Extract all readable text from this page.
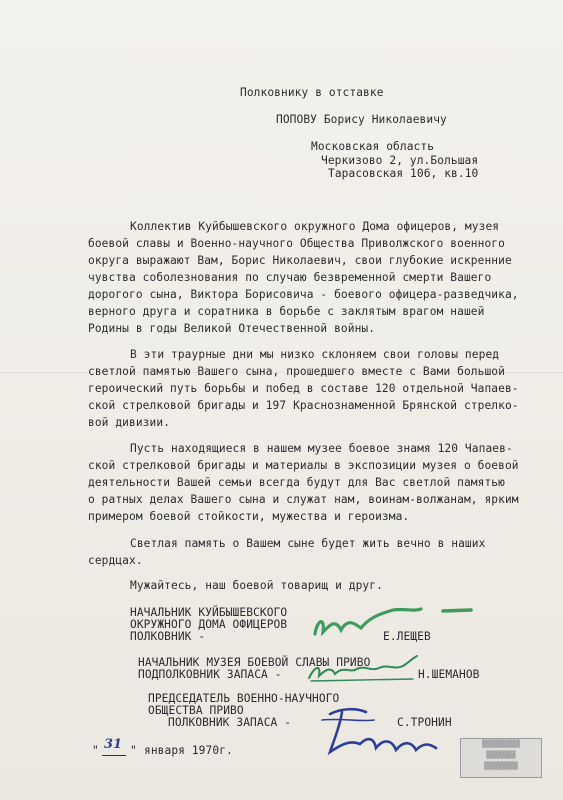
Полковнику в отставке
ПОПОВУ Борису Николаевичу
Московская область
Черкизово 2, ул.Большая
Тарасовская 106, кв.10
Коллектив Куйбышевского окружного Дома офицеров, музея
боевой славы и Военно-научного Общества Приволжского военного
округа выражают Вам, Борис Николаевич, свои глубокие искренние
чувства соболезнования по случаю безвременной смерти Вашего
дорогого сына, Виктора Борисовича - боевого офицера-разведчика,
верного друга и соратника в борьбе с заклятым врагом нашей
Родины в годы Великой Отечественной войны.
В эти траурные дни мы низко склоняем свои головы перед
светлой памятью Вашего сына, прошедшего вместе с Вами большой
героический путь борьбы и побед в составе 120 отдельной Чапаев-
ской стрелковой бригады и 197 Краснознаменной Брянской стрелко-
вой дивизии.
Пусть находящиеся в нашем музее боевое знамя 120 Чапаев-
ской стрелковой бригады и материалы в экспозиции музея о боевой
деятельности Вашей семьи всегда будут для Вас светлой памятью
о ратных делах Вашего сына и служат нам, воинам-волжанам, ярким
примером боевой стойкости, мужества и героизма.
Светлая память о Вашем сыне будет жить вечно в наших
сердцах.
Мужайтесь, наш боевой товарищ и друг.
НАЧАЛЬНИК КУЙБЫШЕВСКОГО
ОКРУЖНОГО ДОМА ОФИЦЕРОВ
ПОЛКОВНИК -	Е.ЛЕЩЕВ
НАЧАЛЬНИК МУЗЕЯ БОЕВОЙ СЛАВЫ ПРИВО
ПОДПОЛКОВНИК ЗАПАСА -	Н.ШЕМАНОВ
ПРЕДСЕДАТЕЛЬ ВОЕННО-НАУЧНОГО
ОБЩЕСТВА ПРИВО
ПОЛКОВНИК ЗАПАСА -	С.ТРОНИН
" 31 " января 1970г.	▒▒▒▒▒▒▒▒▒
▒▒▒▒▒▒▒
▒▒▒▒▒▒▒▒
